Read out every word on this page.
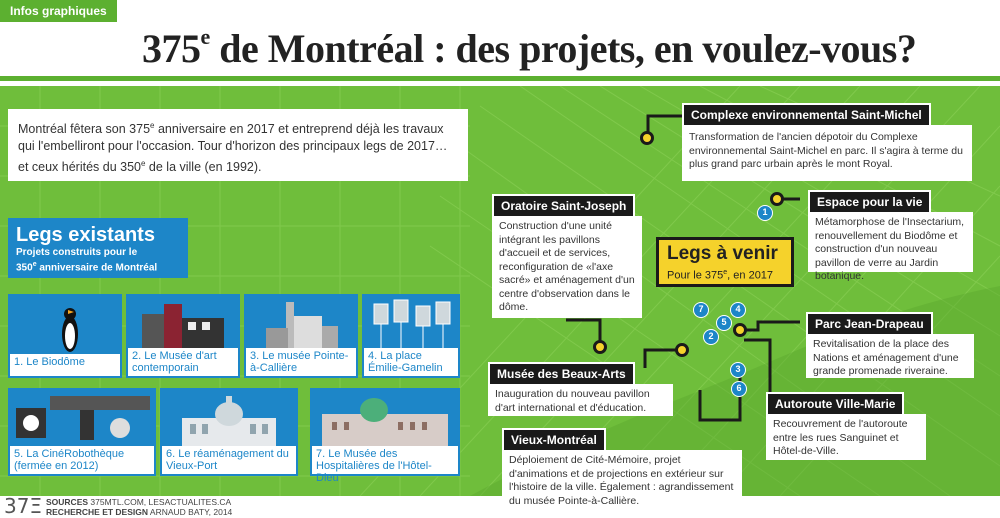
Infos graphiques
375e de Montréal : des projets, en voulez-vous?
Montréal fêtera son 375e anniversaire en 2017 et entreprend déjà les travaux qui l'embelliront pour l'occasion. Tour d'horizon des principaux legs de 2017… et ceux hérités du 350e de la ville (en 1992).
Legs existants
Projets construits pour le
350e anniversaire de Montréal
1. Le Biodôme	2. Le Musée d'art contemporain
3. Le musée Pointe-à-Callière
4. La place Émilie-Gamelin
5. La CinéRobothèque (fermée en 2012)
6. Le réaménagement du Vieux-Port
7. Le Musée des Hospitalières de l'Hôtel-Dieu
1
7	4
5
2
3
6
Legs à venir
Pour le 375e, en 2017
Complexe environnemental Saint-Michel
Transformation de l'ancien dépotoir du Complexe environnemental Saint-Michel en parc. Il s'agira à terme du plus grand parc urbain après le mont Royal.
Espace pour la vie
Métamorphose de l'Insectarium, renouvellement du Biodôme et construction d'un nouveau pavillon de verre au Jardin botanique.
Oratoire Saint-Joseph
Construction d'une unité intégrant les pavillons d'accueil et de services, reconfiguration de «l'axe sacré» et aménagement d'un centre d'observation dans le dôme.
Parc Jean-Drapeau
Revitalisation de la place des Nations et aménagement d'une grande promenade riveraine.
Musée des Beaux-Arts
Inauguration du nouveau pavillon d'art international et d'éducation.	Autoroute Ville-Marie
Recouvrement de l'autoroute entre les rues Sanguinet et Hôtel-de-Ville.
Vieux-Montréal
Déploiement de Cité-Mémoire, projet d'animations et de projections en extérieur sur l'histoire de la ville. Également : agrandissement du musée Pointe-à-Callière.
37Ξ SOURCES 375MTL.COM, LESACTUALITES.CA
RECHERCHE ET DESIGN ARNAUD BATY, 2014
